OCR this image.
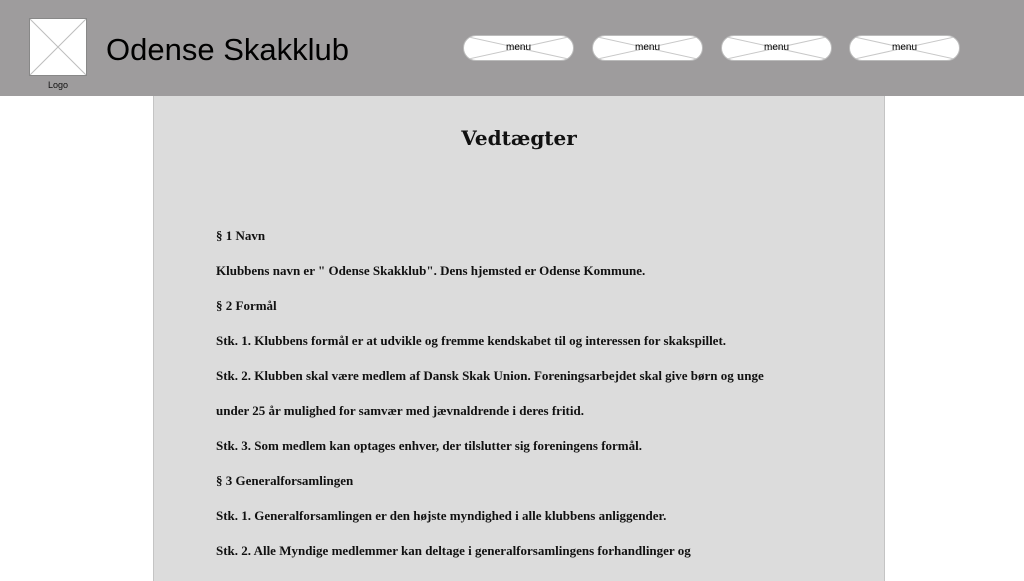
Logo
Odense Skakklub	menu	menu	menu	menu
Vedtægter

§ 1 Navn

Klubbens navn er " Odense Skakklub". Dens hjemsted er Odense Kommune.

§ 2 Formål

Stk. 1. Klubbens formål er at udvikle og fremme kendskabet til og interessen for skakspillet.

Stk. 2. Klubben skal være medlem af Dansk Skak Union. Foreningsarbejdet skal give børn og unge

under 25 år mulighed for samvær med jævnaldrende i deres fritid.

Stk. 3. Som medlem kan optages enhver, der tilslutter sig foreningens formål.

§ 3 Generalforsamlingen

Stk. 1. Generalforsamlingen er den højste myndighed i alle klubbens anliggender.

Stk. 2. Alle Myndige medlemmer kan deltage i generalforsamlingens forhandlinger og
